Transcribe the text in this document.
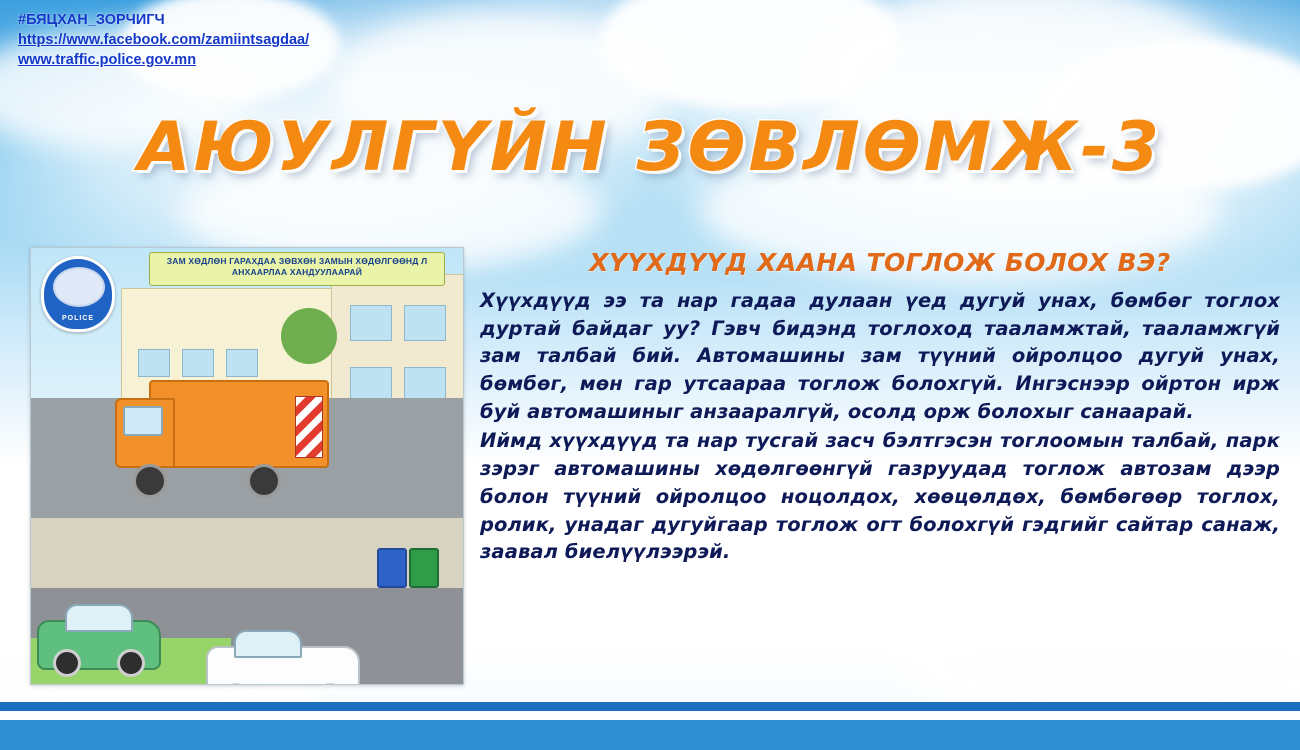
#БЯЦХАН_ЗОРЧИГЧ
https://www.facebook.com/zamiintsagdaa/
www.traffic.police.gov.mn
АЮУЛГҮЙН ЗӨВЛӨМЖ-3
ЗАМ ХӨДЛӨН ГАРАХДАА ЗӨВХӨН ЗАМЫН ХӨДӨЛГӨӨНД Л АНХААРЛАА ХАНДУУЛААРАЙ
POLICE
ХҮҮХДҮҮД ХААНА ТОГЛОЖ БОЛОХ ВЭ?

Хүүхдүүд ээ та нар гадаа дулаан үед дугуй унах, бөмбөг тоглох дуртай байдаг уу? Гэвч бидэнд тоглоход таалaмжтай, таалaмжгүй зам талбай бий. Автомашины зам түүний ойролцоо дугуй унах, бөмбөг, мөн гар утсаараа тоглож болохгүй. Ингэснээр ойртон ирж буй автомашиныг анзааралгүй, осолд орж болохыг санаарай.

Иймд хүүхдүүд та нар тусгай засч бэлтгэсэн тоглоомын талбай, парк зэрэг автомашины хөдөлгөөнгүй газруудад тоглож автозам дээр болон түүний ойролцоо ноцолдох, хөөцөлдөх, бөмбөгөөр тоглох, ролик, унадаг дугуйгаар тоглож огт болохгүй гэдгийг сайтар санаж, заавал биелүүлээрэй.
